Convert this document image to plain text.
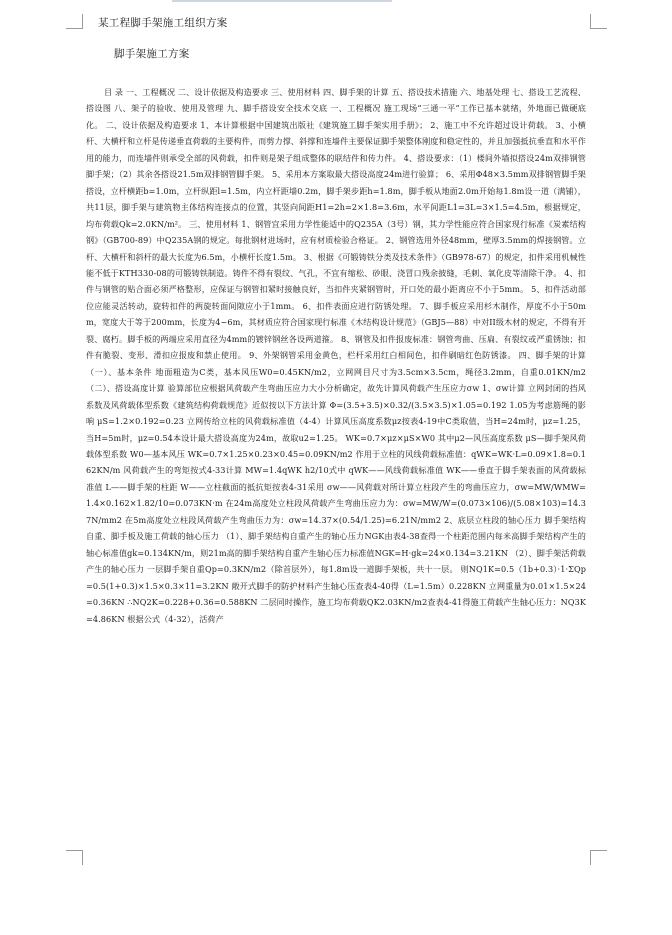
某工程脚手架施工组织方案
脚手架施工方案

目 录 一、工程概况 二、设计依据及构造要求 三、使用材料 四、脚手架的计算 五、搭设技术措施 六、地基处理 七、搭设工艺流程、搭设图 八、架子的验收、使用及管理 九、脚手搭设安全技术交底 一、工程概况 施工现场“三通一平”工作已基本就绪，外地面已做硬底化。 二、设计依据及构造要求 1、本计算根据中国建筑出版社《建筑施工脚手架实用手册》； 2、施工中不允许超过设计荷载。 3、小横杆、大横杆和立杆是传递垂直荷载的主要构件，而剪力撑、斜撑和连墙件主要保证脚手架整体刚度和稳定性的，并且加强抵抗垂直和水平作用的能力，而连墙件则承受全部的风荷载，扣件则是架子组成整体的联结件和传力件。 4、搭设要求：（1）楼间外墙拟搭设24m双排钢管脚手架；（2）其余各搭设21.5m双排钢管脚手架。 5、采用本方案取最大搭设高度24m进行验算； 6、采用Φ48×3.5mm双排钢管脚手架搭设，立杆横距b=1.0m，立杆纵距l=1.5m，内立杆距墙0.2m，脚手架步距h=1.8m，脚手板从地面2.0m开始每1.8m设一道（满铺），共11层，脚手架与建筑物主体结构连接点的位置，其竖向间距H1=2h=2×1.8=3.6m，水平间距L1=3L=3×1.5=4.5m，根据规定，均布荷载Qk=2.0KN/m²。 三、使用材料 1、钢管宜采用力学性能适中的Q235A（3号）钢，其力学性能应符合国家现行标准《炭素结构钢》（GB700-89）中Q235A钢的规定。每批钢材进场时，应有材质检验合格证。 2、钢管选用外径48mm，壁厚3.5mm的焊接钢管。立杆、大横杆和斜杆的最大长度为6.5m，小横杆长度1.5m。 3、根据《可锻铸铁分类及技术条件》（GB978-67）的规定，扣件采用机械性能不低于KTH330-08的可锻铸铁制造。铸件不得有裂纹、气孔，不宜有缩松、砂眼、浇冒口残余披缝，毛刺、氧化皮等清除干净。 4、扣件与钢管的贴合面必须严格整形，应保证与钢管扣紧时接触良好，当扣件夹紧钢管时，开口处的最小距离应不小于5mm。 5、扣件活动部位应能灵活转动，旋转扣件的两旋转面间隙应小于1mm。 6、扣件表面应进行防锈处理。 7、脚手板应采用杉木制作，厚度不小于50mm，宽度大于等于200mm，长度为4~6m，其材质应符合国家现行标准《木结构设计规范》（GBJ5—88）中对II级木材的规定，不得有开裂、腐朽。脚手板的两端应采用直径为4mm的镀锌钢丝各设两道箍。 8、钢管及扣件报废标准：钢管弯曲、压扁、有裂纹或严重锈蚀；扣件有脆裂、变形、滑扣应报废和禁止使用。 9、外架钢管采用金黄色，栏杆采用红白相间色，扣件刷暗红色防锈漆。 四、脚手架的计算 （一）、基本条件 地面粗造为C类，基本风压W0=0.45KN/m2，立网网目尺寸为3.5cm×3.5cm，绳径3.2mm，自重0.01KN/m2 （二）、搭设高度计算 验算部位应根据风荷载产生弯曲压应力大小分析确定，故先计算风荷载产生压应力σw 1、σw计算 立网封闭的挡风系数及风荷载体型系数《建筑结构荷载规范》近似按以下方法计算 Φ=(3.5+3.5)×0.32/(3.5×3.5)×1.05=0.192 1.05为考虑筋绳的影响 μS=1.2×0.192=0.23 立网传给立柱的风荷载标准值（4-4）计算风压高度系数μz按表4-19中C类取值，当H=24m时，μz=1.25，当H=5m时，μz=0.54本设计最大搭设高度为24m，故取u2=1.25。 WK=0.7×μz×μS×W0 其中μ2—风压高度系数 μS—脚手架风荷载体型系数 W0—基本风压 WK=0.7×1.25×0.23×0.45=0.09KN/m2 作用于立柱的风线荷载标准值：qWK=WK·L=0.09×1.8=0.162KN/m 风荷载产生的弯矩按式4-33计算 MW=1.4qWK h2/10式中 qWK——风线荷载标准值 WK——垂直于脚手架表面的风荷载标准值 L——脚手架的柱距 W——立柱截面的抵抗矩按表4-31采用 σw——风荷载对所计算立柱段产生的弯曲压应力，σw=MW/WMW=1.4×0.162×1.82/10=0.073KN·m 在24m高度处立柱段风荷载产生弯曲压应力为：σw=MW/W=(0.073×106)/(5.08×103)=14.37N/mm2 在5m高度处立柱段风荷载产生弯曲压力为：σw=14.37×(0.54/1.25)=6.21N/mm2 2、底层立柱段的轴心压力 脚手架结构自重、脚手板及施工荷载的轴心压力 （1）、脚手架结构自重产生的轴心压力NGK由表4-38查得一个柱距范围内每米高脚手架结构产生的轴心标准值gk=0.134KN/m，则21m高的脚手架结构自重产生轴心压力标准值NGK=H·gk=24×0.134=3.21KN （2）、脚手架活荷载产生的轴心压力 一层脚手架自重Qp=0.3KN/m2（除首层外），每1.8m设一道脚手架板，共十一层。 则NQ1K=0.5（1b+0.3）·1·ΣQp=0.5(1+0.3)×1.5×0.3×11=3.2KN 敞开式脚手的防护材料产生轴心压查表4-40得（L=1.5m）0.228KN 立网重量为0.01×1.5×24=0.36KN ∴NQ2K=0.228+0.36=0.588KN 二层同时操作，施工均布荷载QK2.03KN/m2查表4-41得施工荷载产生轴心压力：NQ3K=4.86KN 根据公式（4-32），活荷产
